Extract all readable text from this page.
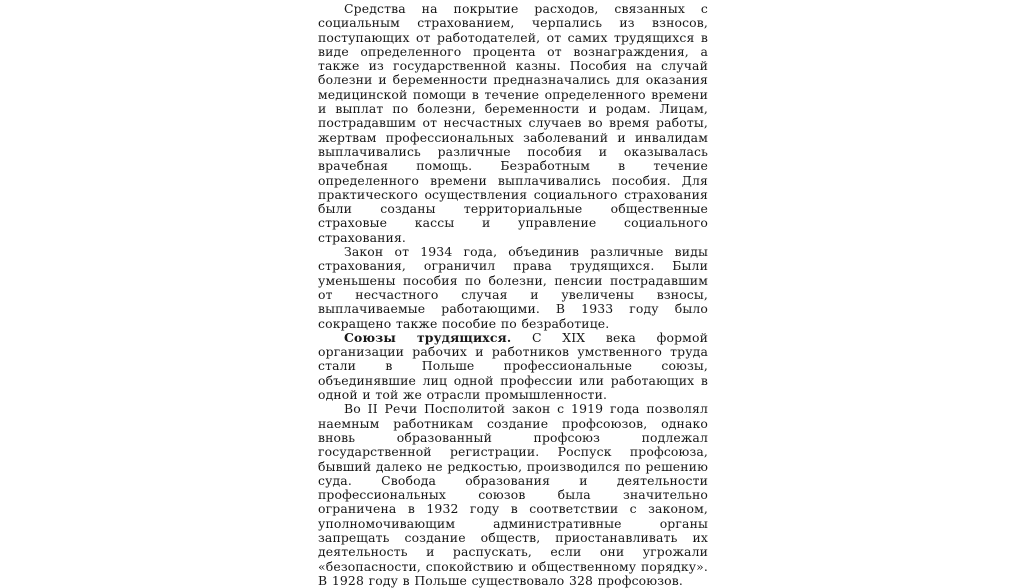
Средства на покрытие расходов, связанных с социальным страхованием, черпались из взносов, поступающих от работодателей, от самих трудящихся в виде определенного процента от вознаграждения, а также из государственной казны. Пособия на случай болезни и беременности предназначались для оказания медицинской помощи в течение определенного времени и выплат по болезни, беременности и родам. Лицам, пострадавшим от несчастных случаев во время работы, жертвам профессиональных заболеваний и инвалидам выплачивались различные пособия и оказывалась врачебная помощь. Безработным в течение определенного времени выплачивались пособия. Для практического осуществления социального страхования были созданы территориальные общественные страховые кассы и управление социального страхования.

Закон от 1934 года, объединив различные виды страхования, ограничил права трудящихся. Были уменьшены пособия по болезни, пенсии пострадавшим от несчастного случая и увеличены взносы, выплачиваемые работающими. В 1933 году было сокращено также пособие по безработице.

Союзы трудящихся. С XIX века формой организации рабочих и работников умственного труда стали в Польше профессиональные союзы, объединявшие лиц одной профессии или работающих в одной и той же отрасли промышленности.

Во II Речи Посполитой закон с 1919 года позволял наемным работникам создание профсоюзов, однако вновь образованный профсоюз подлежал государственной регистрации. Роспуск профсоюза, бывший далеко не редкостью, производился по решению суда. Свобода образования и деятельности профессиональных союзов была значительно ограничена в 1932 году в соответствии с законом, уполномочивающим административные органы запрещать создание обществ, приостанавливать их деятельность и распускать, если они угрожали «безопасности, спокойствию и общественному порядку». В 1928 году в Польше существовало 328 профсоюзов.
